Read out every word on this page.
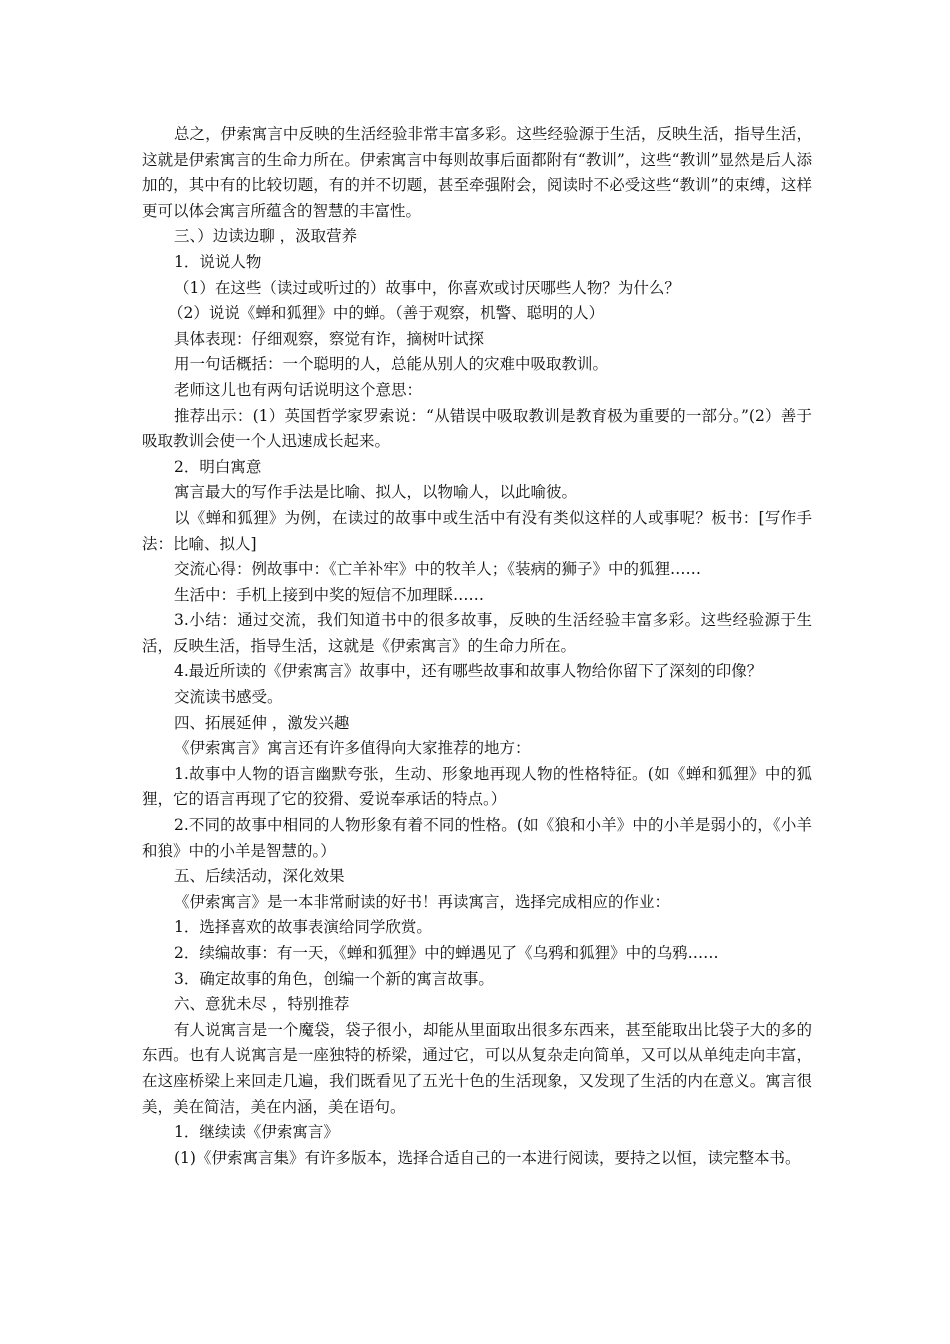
总之，伊索寓言中反映的生活经验非常丰富多彩。这些经验源于生活，反映生活，指导生活，这就是伊索寓言的生命力所在。伊索寓言中每则故事后面都附有“教训”，这些“教训”显然是后人添加的，其中有的比较切题，有的并不切题，甚至牵强附会，阅读时不必受这些“教训”的束缚，这样更可以体会寓言所蕴含的智慧的丰富性。

三、）边读边聊 ，汲取营养

1．说说人物

（1）在这些（读过或听过的）故事中，你喜欢或讨厌哪些人物？为什么？

（2）说说《蝉和狐狸》中的蝉。（善于观察，机警、聪明的人）

具体表现：仔细观察，察觉有诈，摘树叶试探

用一句话概括：一个聪明的人，总能从别人的灾难中吸取教训。

老师这儿也有两句话说明这个意思：

推荐出示：(1）英国哲学家罗索说：“从错误中吸取教训是教育极为重要的一部分。”(2）善于吸取教训会使一个人迅速成长起来。

2．明白寓意

寓言最大的写作手法是比喻、拟人，以物喻人，以此喻彼。

以《蝉和狐狸》为例，在读过的故事中或生活中有没有类似这样的人或事呢？板书：[写作手法：比喻、拟人]

交流心得：例故事中：《亡羊补牢》中的牧羊人；《装病的狮子》中的狐狸……

生活中：手机上接到中奖的短信不加理睬……

3.小结：通过交流，我们知道书中的很多故事，反映的生活经验丰富多彩。这些经验源于生活，反映生活，指导生活，这就是《伊索寓言》的生命力所在。

4.最近所读的《伊索寓言》故事中，还有哪些故事和故事人物给你留下了深刻的印像？

交流读书感受。

四、拓展延伸 ，激发兴趣

《伊索寓言》寓言还有许多值得向大家推荐的地方：

1.故事中人物的语言幽默夸张，生动、形象地再现人物的性格特征。(如《蝉和狐狸》中的狐狸，它的语言再现了它的狡猾、爱说奉承话的特点。）

2.不同的故事中相同的人物形象有着不同的性格。(如《狼和小羊》中的小羊是弱小的，《小羊和狼》中的小羊是智慧的。）

五、后续活动，深化效果

《伊索寓言》是一本非常耐读的好书！再读寓言，选择完成相应的作业：

1．选择喜欢的故事表演给同学欣赏。

2．续编故事：有一天，《蝉和狐狸》中的蝉遇见了《乌鸦和狐狸》中的乌鸦……

3．确定故事的角色，创编一个新的寓言故事。

六、意犹未尽 ，特别推荐

有人说寓言是一个魔袋，袋子很小，却能从里面取出很多东西来，甚至能取出比袋子大的多的东西。也有人说寓言是一座独特的桥梁，通过它，可以从复杂走向简单，又可以从单纯走向丰富，在这座桥梁上来回走几遍，我们既看见了五光十色的生活现象，又发现了生活的内在意义。寓言很美，美在简洁，美在内涵，美在语句。

1．继续读《伊索寓言》

(1)《伊索寓言集》有许多版本，选择合适自己的一本进行阅读，要持之以恒，读完整本书。
